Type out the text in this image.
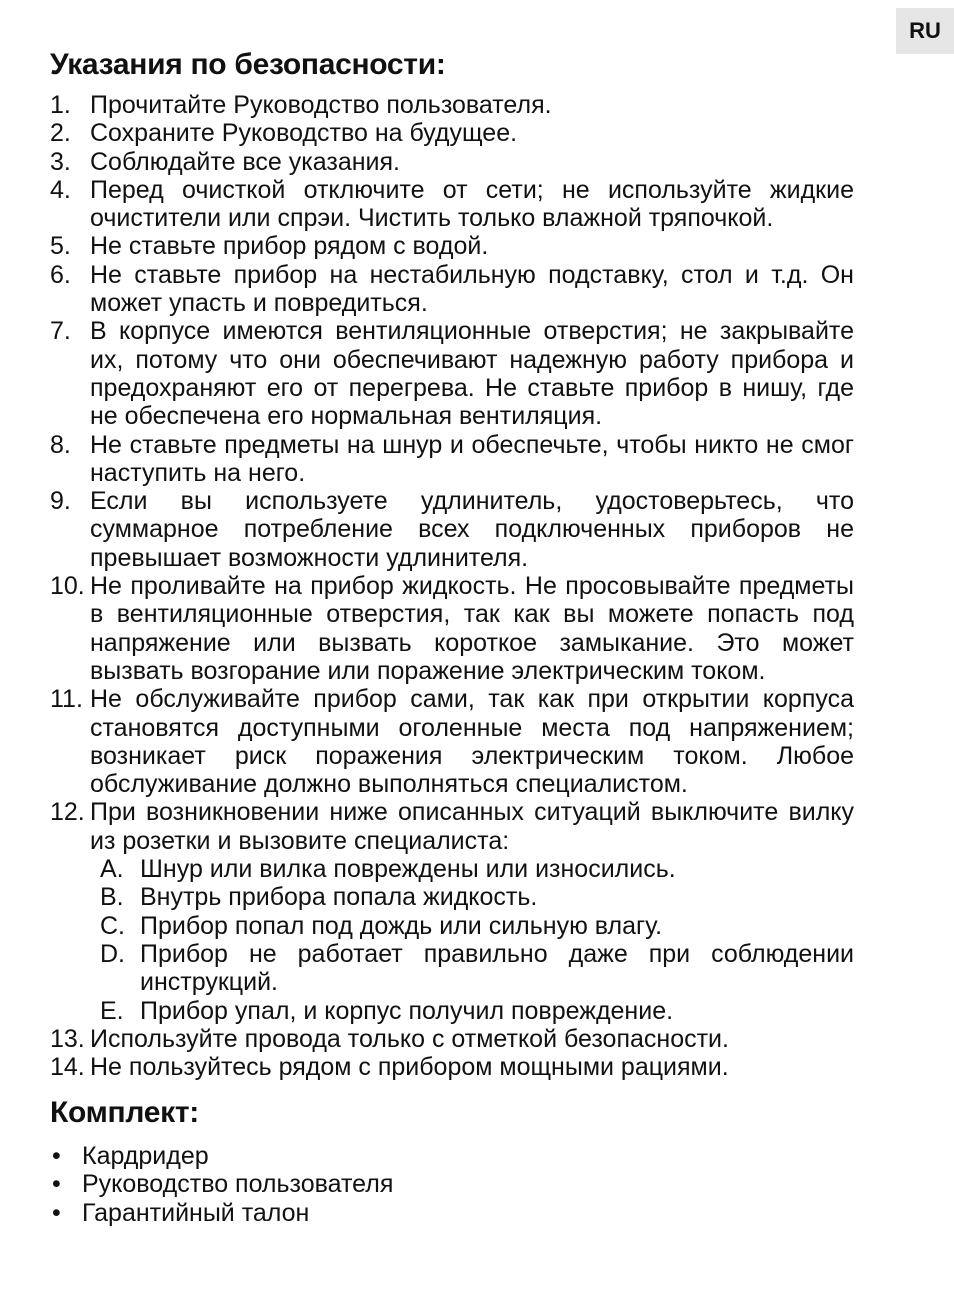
RU
Указания по безопасности:
1. Прочитайте Руководство пользователя.
2. Сохраните Руководство на будущее.
3. Соблюдайте все указания.
4. Перед очисткой отключите от сети; не используйте жидкие очистители или спрэи. Чистить только влажной тряпочкой.
5. Не ставьте прибор рядом с водой.
6. Не ставьте прибор на нестабильную подставку, стол и т.д. Он может упасть и повредиться.
7. В корпусе имеются вентиляционные отверстия; не закрывайте их, потому что они обеспечивают надежную работу прибора и предохраняют его от перегрева. Не ставьте прибор в нишу, где не обеспечена его нормальная вентиляция.
8. Не ставьте предметы на шнур и обеспечьте, чтобы никто не смог наступить на него.
9. Если вы используете удлинитель, удостоверьтесь, что суммарное потребление всех подключенных приборов не превышает возможности удлинителя.
10. Не проливайте на прибор жидкость. Не просовывайте предметы в вентиляционные отверстия, так как вы можете попасть под напряжение или вызвать короткое замыкание. Это может вызвать возгорание или поражение электрическим током.
11. Не обслуживайте прибор сами, так как при открытии корпуса становятся доступными оголенные места под напряжением; возникает риск поражения электрическим током. Любое обслуживание должно выполняться специалистом.
12. При возникновении ниже описанных ситуаций выключите вилку из розетки и вызовите специалиста:
A. Шнур или вилка повреждены или износились.
B. Внутрь прибора попала жидкость.
C. Прибор попал под дождь или сильную влагу.
D. Прибор не работает правильно даже при соблюдении инструкций.
E. Прибор упал, и корпус получил повреждение.
13. Используйте провода только с отметкой безопасности.
14. Не пользуйтесь рядом с прибором мощными рациями.
Комплект:
• Кардридер
• Руководство пользователя
• Гарантийный талон
